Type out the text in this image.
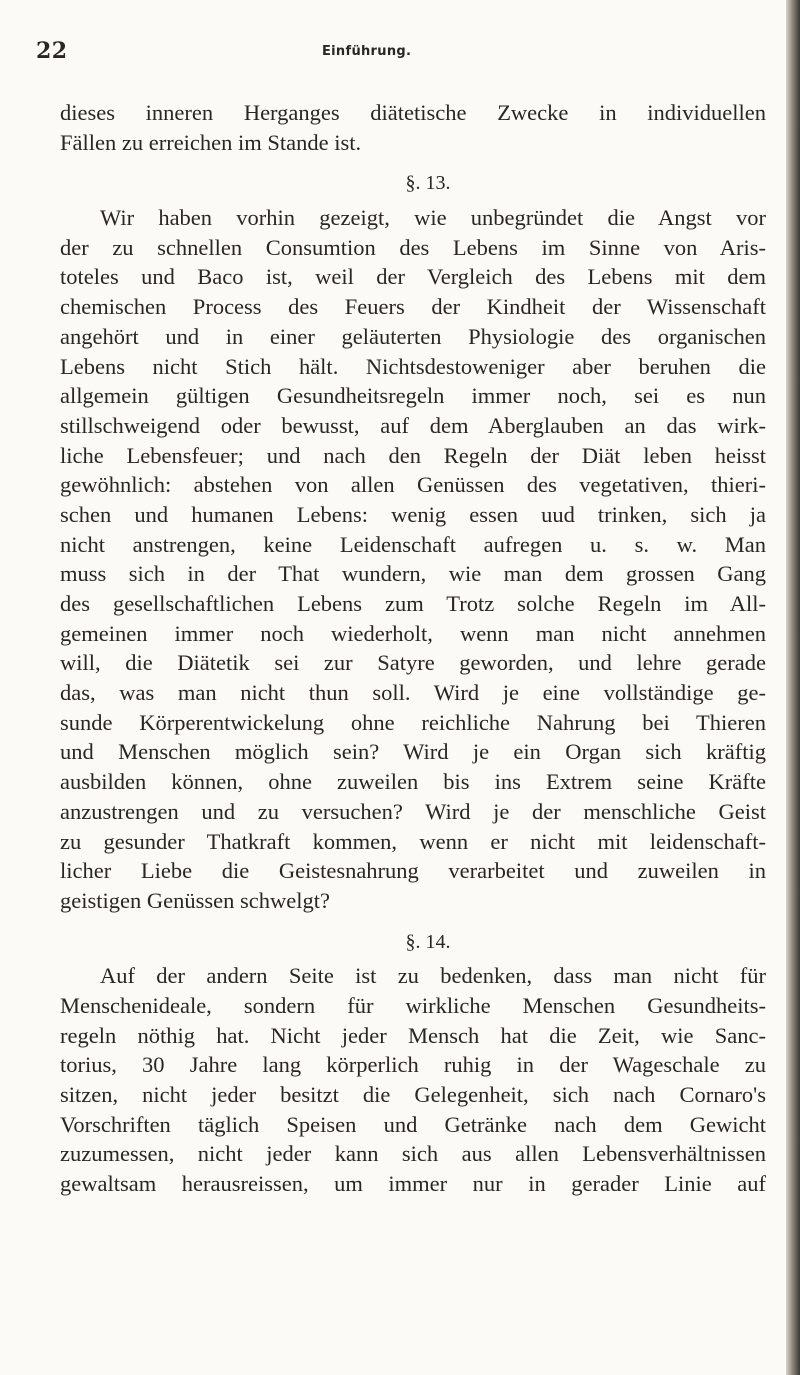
22	Einführung.
dieses inneren Herganges diätetische Zwecke in individuellen
Fällen zu erreichen im Stande ist.
§. 13.
Wir haben vorhin gezeigt, wie unbegründet die Angst vor
der zu schnellen Consumtion des Lebens im Sinne von Aris-
toteles und Baco ist, weil der Vergleich des Lebens mit dem
chemischen Process des Feuers der Kindheit der Wissenschaft
angehört und in einer geläuterten Physiologie des organischen
Lebens nicht Stich hält. Nichtsdestoweniger aber beruhen die
allgemein gültigen Gesundheitsregeln immer noch, sei es nun
stillschweigend oder bewusst, auf dem Aberglauben an das wirk-
liche Lebensfeuer; und nach den Regeln der Diät leben heisst
gewöhnlich: abstehen von allen Genüssen des vegetativen, thieri-
schen und humanen Lebens: wenig essen uud trinken, sich ja
nicht anstrengen, keine Leidenschaft aufregen u. s. w. Man
muss sich in der That wundern, wie man dem grossen Gang
des gesellschaftlichen Lebens zum Trotz solche Regeln im All-
gemeinen immer noch wiederholt, wenn man nicht annehmen
will, die Diätetik sei zur Satyre geworden, und lehre gerade
das, was man nicht thun soll. Wird je eine vollständige ge-
sunde Körperentwickelung ohne reichliche Nahrung bei Thieren
und Menschen möglich sein? Wird je ein Organ sich kräftig
ausbilden können, ohne zuweilen bis ins Extrem seine Kräfte
anzustrengen und zu versuchen? Wird je der menschliche Geist
zu gesunder Thatkraft kommen, wenn er nicht mit leidenschaft-
licher Liebe die Geistesnahrung verarbeitet und zuweilen in
geistigen Genüssen schwelgt?
§. 14.
Auf der andern Seite ist zu bedenken, dass man nicht für
Menschenideale, sondern für wirkliche Menschen Gesundheits-
regeln nöthig hat. Nicht jeder Mensch hat die Zeit, wie Sanc-
torius, 30 Jahre lang körperlich ruhig in der Wageschale zu
sitzen, nicht jeder besitzt die Gelegenheit, sich nach Cornaro's
Vorschriften täglich Speisen und Getränke nach dem Gewicht
zuzumessen, nicht jeder kann sich aus allen Lebensverhältnissen
gewaltsam herausreissen, um immer nur in gerader Linie auf
